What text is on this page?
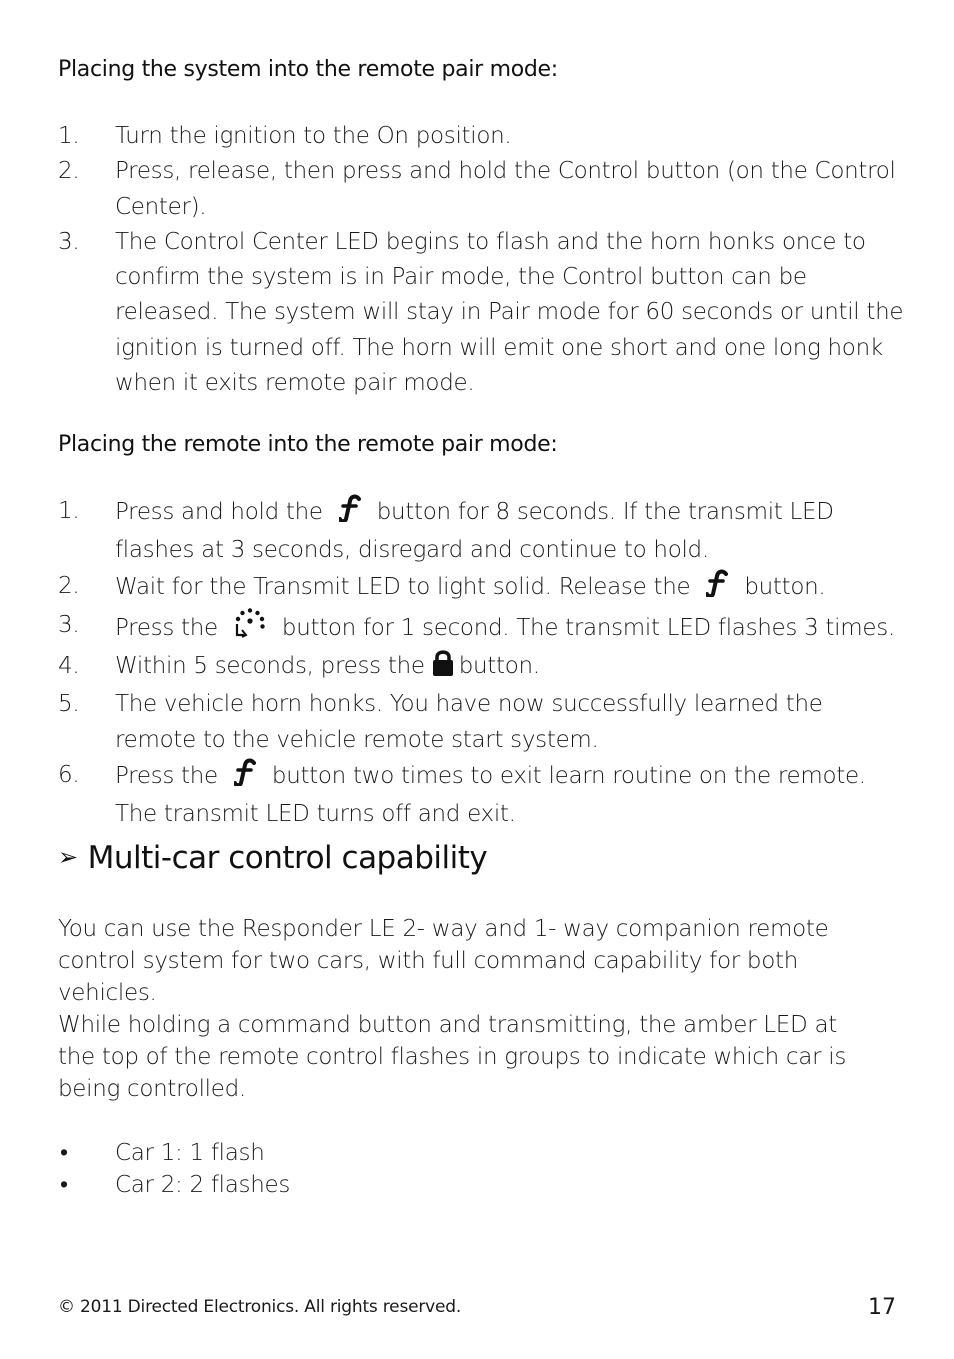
Placing the system into the remote pair mode:

1. Turn the ignition to the On position.
2. Press, release, then press and hold the Control button (on the Control Center).
3. The Control Center LED begins to flash and the horn honks once to confirm the system is in Pair mode, the Control button can be released. The system will stay in Pair mode for 60 seconds or until the ignition is turned off. The horn will emit one short and one long honk when it exits remote pair mode.

Placing the remote into the remote pair mode:

1. Press and hold the button for 8 seconds. If the transmit LED flashes at 3 seconds, disregard and continue to hold.
2. Wait for the Transmit LED to light solid. Release the button.
3. Press the	button for 1 second. The transmit LED flashes 3 times.
4. Within 5 seconds, press the button.
5. The vehicle horn honks. You have now successfully learned the remote to the vehicle remote start system.
6. Press the button two times to exit learn routine on the remote. The transmit LED turns off and exit.
➢ Multi-car control capability

You can use the Responder LE 2- way and 1- way companion remote control system for two cars, with full command capability for both vehicles.

While holding a command button and transmitting, the amber LED at the top of the remote control flashes in groups to indicate which car is being controlled.

• Car 1: 1 flash
• Car 2: 2 flashes
© 2011 Directed Electronics. All rights reserved.	17
